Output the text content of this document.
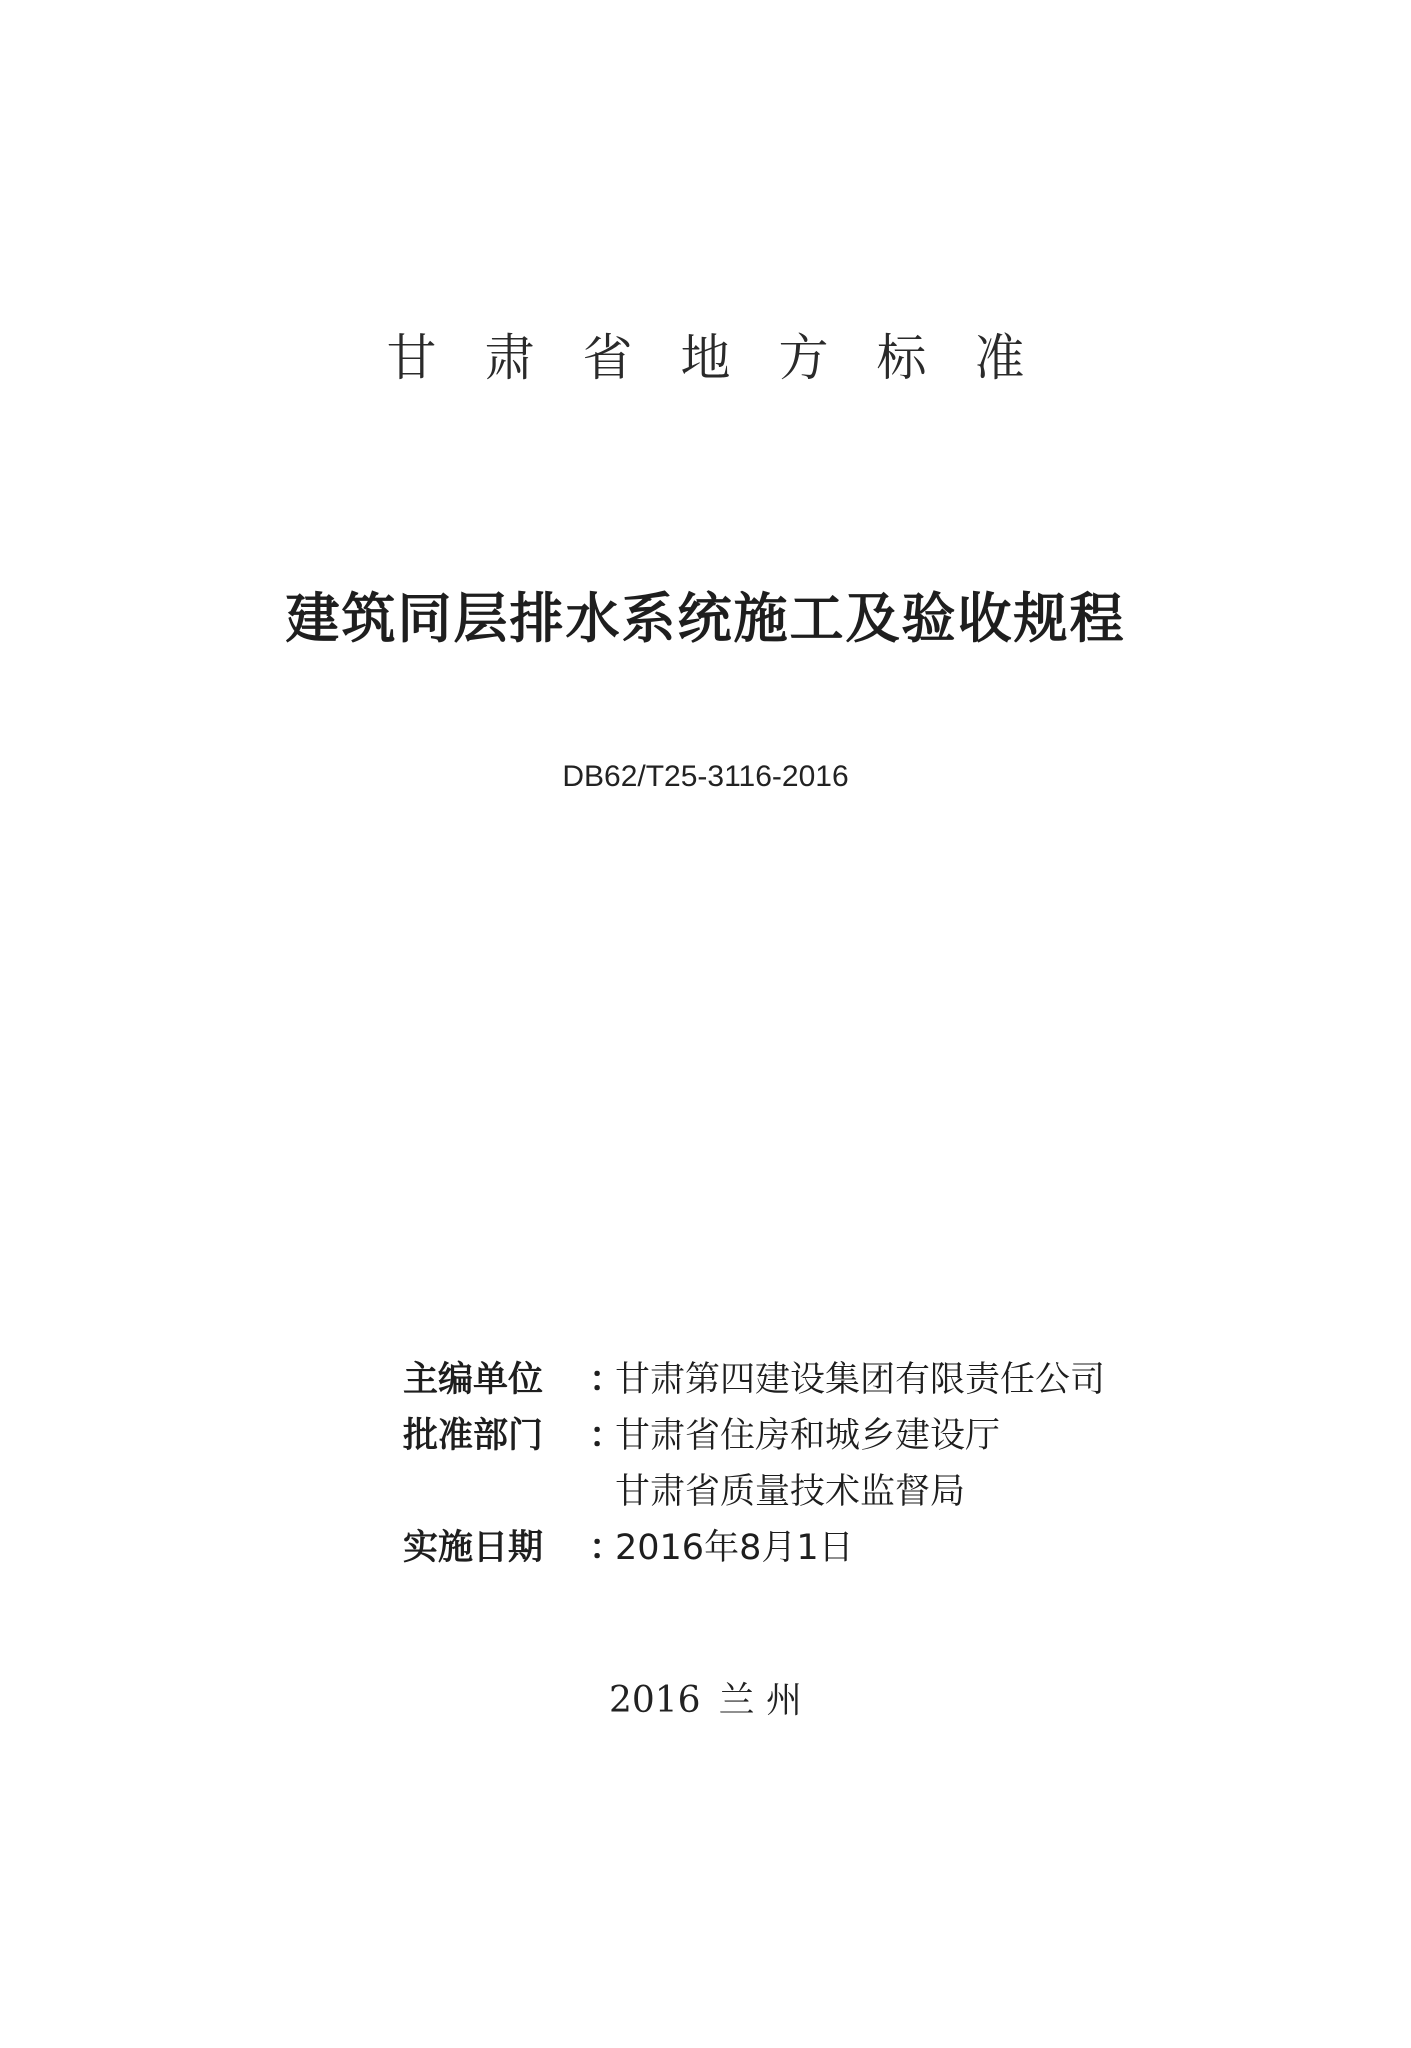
甘肃省地方标准
建筑同层排水系统施工及验收规程
DB62/T25-3116-2016
主编单位	：
甘肃第四建设集团有限责任公司
批准部门	：
甘肃省住房和城乡建设厅
甘肃省质量技术监督局
实施日期	：
2016年8月1日
2016 兰 州
